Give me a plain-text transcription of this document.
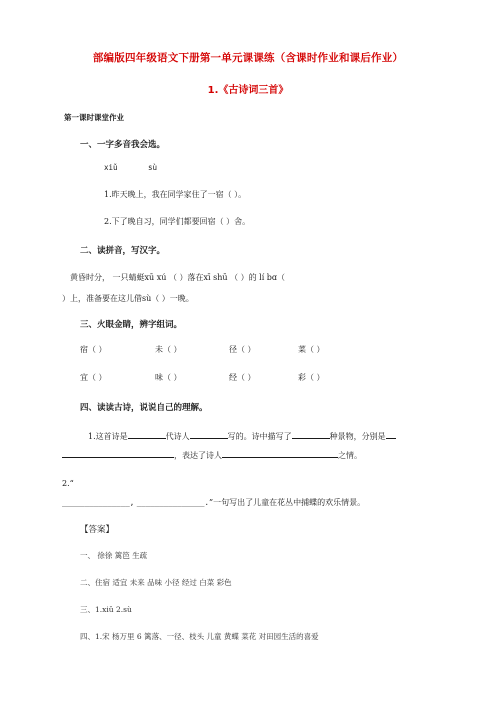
部编版四年级语文下册第一单元课课练（含课时作业和课后作业）
1.《古诗词三首》
第一课时课堂作业
一、一字多音我会选。
xiǔ	sù
1.昨天晚上，我在同学家住了一宿（ ）。
2.下了晚自习，同学们都要回宿（ ）舍。
二、读拼音，写汉字。
黄昏时分， 一只蜻蜓xū xú （ ）落在xī shū （ ）的 lí bɑ（
）上，准备要在这儿借sù（ ）一晚。
三、火眼金睛，辨字组词。
宿（ ）	未（ ）	径（ ）	菜（ ）
宜（ ）	味（ ）	经（ ）	彩（ ）
四、读读古诗，说说自己的理解。
1.这首诗是	代诗人	写的。诗中描写了	种景物，分别是
，表达了诗人	之情。
2.“
_______________, _______________.”一句写出了儿童在花丛中捕蝶的欢乐情景。
【答案】
一、 徐徐 篱笆 生疏
二、住宿 适宜 未来 品味 小径 经过 白菜 彩色
三、1.xiǔ 2.sù
四、1.宋 杨万里 6 篱落、一径、枝头 儿童 黄蝶 菜花 对田园生活的喜爱
